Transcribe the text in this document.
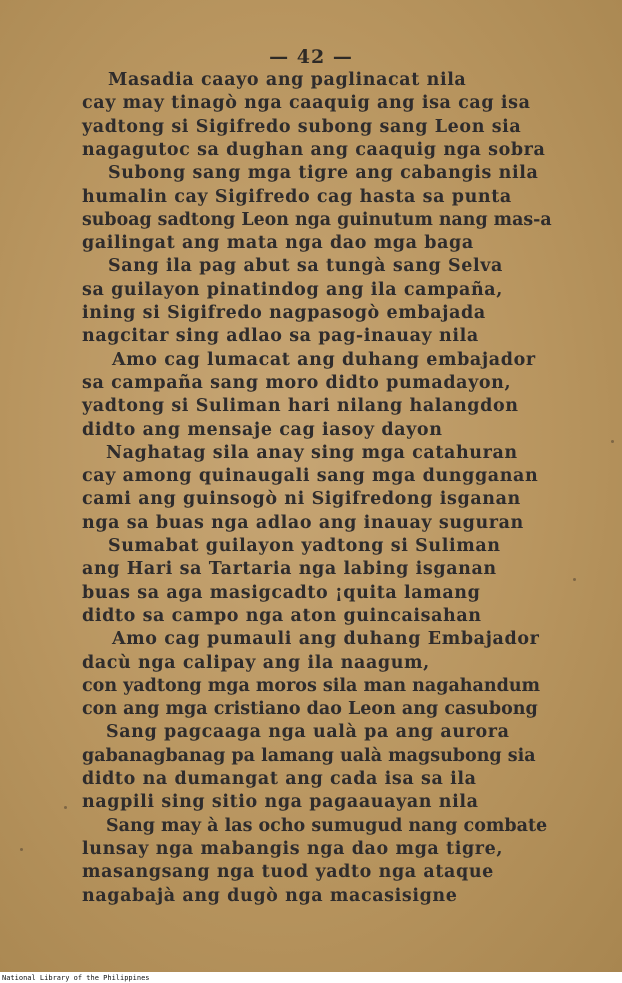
— 42 —
Masadia caayo ang paglinacat nila
cay may tinagò nga caaquig ang isa cag isa
yadtong si Sigifredo subong sang Leon sia
nagagutoc sa dughan ang caaquig nga sobra
Subong sang mga tigre ang cabangis nila
humalin cay Sigifredo cag hasta sa punta
suboag sadtong Leon nga guinutum nang mas-a
gailingat ang mata nga dao mga baga
Sang ila pag abut sa tungà sang Selva
sa guilayon pinatindog ang ila campaña,
ining si Sigifredo nagpasogò embajada
nagcitar sing adlao sa pag-inauay nila
Amo cag lumacat ang duhang embajador
sa campaña sang moro didto pumadayon,
yadtong si Suliman hari nilang halangdon
didto ang mensaje cag iasoy dayon
Naghatag sila anay sing mga catahuran
cay among quinaugali sang mga dungganan
cami ang guinsogò ni Sigifredong isganan
nga sa buas nga adlao ang inauay suguran
Sumabat guilayon yadtong si Suliman
ang Hari sa Tartaria nga labing isganan
buas sa aga masigcadto ¡quita lamang
didto sa campo nga aton guincaisahan
Amo cag pumauli ang duhang Embajador
dacù nga calipay ang ila naagum,
con yadtong mga moros sila man nagahandum
con ang mga cristiano dao Leon ang casubong
Sang pagcaaga nga ualà pa ang aurora
gabanagbanag pa lamang ualà magsubong sia
didto na dumangat ang cada isa sa ila
nagpili sing sitio nga pagaauayan nila
Sang may à las ocho sumugud nang combate
lunsay nga mabangis nga dao mga tigre,
masangsang nga tuod yadto nga ataque
nagabajà ang dugò nga macasisigne
National Library of the Philippines
